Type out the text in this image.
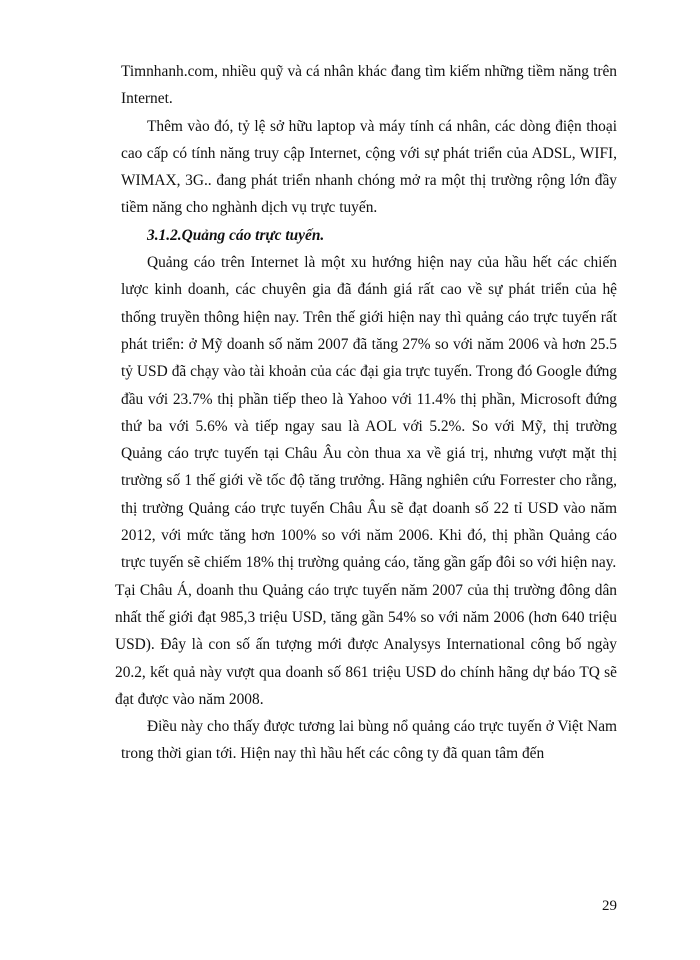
Timnhanh.com, nhiều quỹ và cá nhân khác đang tìm kiếm những tiềm năng trên Internet.

Thêm vào đó, tỷ lệ sở hữu laptop và máy tính cá nhân, các dòng điện thoại cao cấp có tính năng truy cập Internet, cộng với sự phát triển của ADSL, WIFI, WIMAX, 3G.. đang phát triển nhanh chóng mở ra một thị trường rộng lớn đầy tiềm năng cho nghành dịch vụ trực tuyến.

3.1.2.Quảng cáo trực tuyến.

Quảng cáo trên Internet là một xu hướng hiện nay của hầu hết các chiến lược kinh doanh, các chuyên gia đã đánh giá rất cao về sự phát triển của hệ thống truyền thông hiện nay. Trên thế giới hiện nay thì quảng cáo trực tuyến rất phát triển: ở Mỹ doanh số năm 2007 đã tăng 27% so với năm 2006 và hơn 25.5 tỷ USD đã chạy vào tài khoản của các đại gia trực tuyến. Trong đó Google đứng đầu với 23.7% thị phần tiếp theo là Yahoo với 11.4% thị phần, Microsoft đứng thứ ba với 5.6% và tiếp ngay sau là AOL với 5.2%. So với Mỹ, thị trường Quảng cáo trực tuyến tại Châu Âu còn thua xa về giá trị, nhưng vượt mặt thị trường số 1 thế giới về tốc độ tăng trưởng. Hãng nghiên cứu Forrester cho rằng, thị trường Quảng cáo trực tuyến Châu Âu sẽ đạt doanh số 22 tỉ USD vào năm 2012, với mức tăng hơn 100% so với năm 2006. Khi đó, thị phần Quảng cáo trực tuyến sẽ chiếm 18% thị trường quảng cáo, tăng gần gấp đôi so với hiện nay.

Tại Châu Á, doanh thu Quảng cáo trực tuyến năm 2007 của thị trường đông dân nhất thế giới đạt 985,3 triệu USD, tăng gần 54% so với năm 2006 (hơn 640 triệu USD). Đây là con số ấn tượng mới được Analysys International công bố ngày 20.2, kết quả này vượt qua doanh số 861 triệu USD do chính hãng dự báo TQ sẽ đạt được vào năm 2008.

Điều này cho thấy được tương lai bùng nổ quảng cáo trực tuyến ở Việt Nam trong thời gian tới. Hiện nay thì hầu hết các công ty đã quan tâm đến

29
